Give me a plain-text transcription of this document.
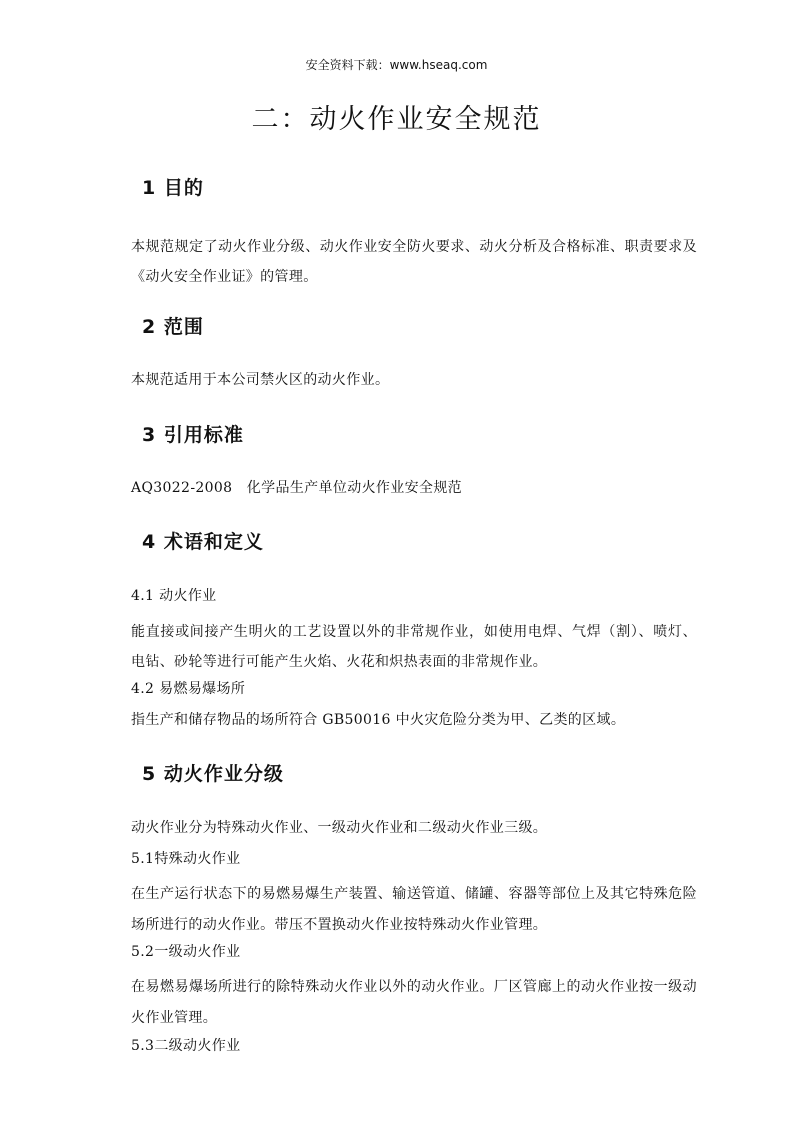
安全资料下载：www.hseaq.com
二：动火作业安全规范
1 目的
本规范规定了动火作业分级、动火作业安全防火要求、动火分析及合格标准、职责要求及《动火安全作业证》的管理。
2 范围
本规范适用于本公司禁火区的动火作业。
3 引用标准
AQ3022-2008　化学品生产单位动火作业安全规范
4 术语和定义
4.1 动火作业
能直接或间接产生明火的工艺设置以外的非常规作业，如使用电焊、气焊（割）、喷灯、电钻、砂轮等进行可能产生火焰、火花和炽热表面的非常规作业。
4.2 易燃易爆场所
指生产和储存物品的场所符合 GB50016 中火灾危险分类为甲、乙类的区域。
5 动火作业分级
动火作业分为特殊动火作业、一级动火作业和二级动火作业三级。
5.1特殊动火作业
在生产运行状态下的易燃易爆生产装置、输送管道、储罐、容器等部位上及其它特殊危险场所进行的动火作业。带压不置换动火作业按特殊动火作业管理。
5.2一级动火作业
在易燃易爆场所进行的除特殊动火作业以外的动火作业。厂区管廊上的动火作业按一级动火作业管理。
5.3二级动火作业
